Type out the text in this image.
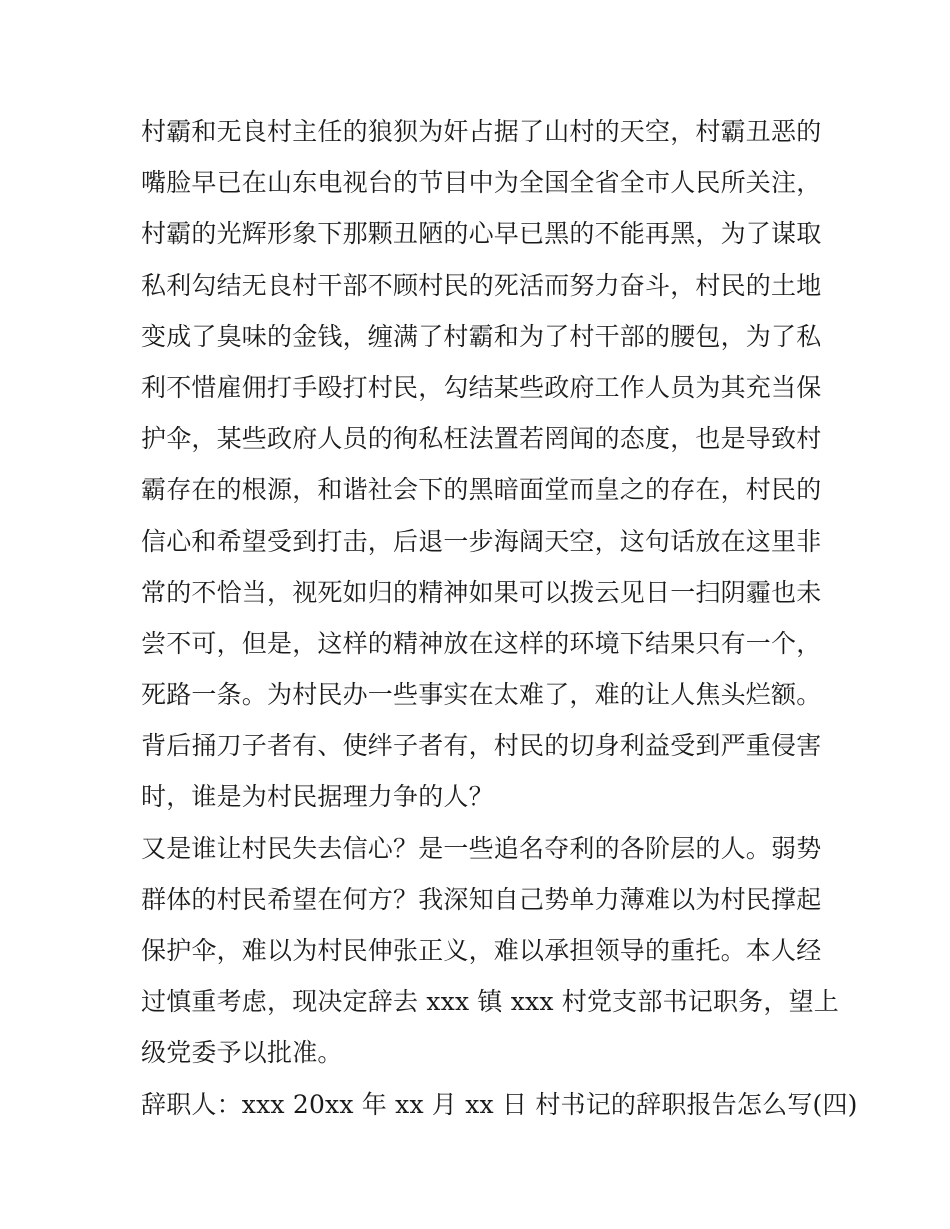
村霸和无良村主任的狼狈为奸占据了山村的天空，村霸丑恶的
嘴脸早已在山东电视台的节目中为全国全省全市人民所关注，
村霸的光辉形象下那颗丑陋的心早已黑的不能再黑，为了谋取
私利勾结无良村干部不顾村民的死活而努力奋斗，村民的土地
变成了臭味的金钱，缠满了村霸和为了村干部的腰包，为了私
利不惜雇佣打手殴打村民，勾结某些政府工作人员为其充当保
护伞，某些政府人员的徇私枉法置若罔闻的态度，也是导致村
霸存在的根源，和谐社会下的黑暗面堂而皇之的存在，村民的
信心和希望受到打击，后退一步海阔天空，这句话放在这里非
常的不恰当，视死如归的精神如果可以拨云见日一扫阴霾也未
尝不可，但是，这样的精神放在这样的环境下结果只有一个，
死路一条。为村民办一些事实在太难了，难的让人焦头烂额。
背后捅刀子者有、使绊子者有，村民的切身利益受到严重侵害
时，谁是为村民据理力争的人？
又是谁让村民失去信心？是一些追名夺利的各阶层的人。弱势
群体的村民希望在何方？我深知自己势单力薄难以为村民撑起
保护伞，难以为村民伸张正义，难以承担领导的重托。本人经
过慎重考虑，现决定辞去 xxx 镇 xxx 村党支部书记职务，望上
级党委予以批准。
辞职人：xxx 20xx 年 xx 月 xx 日 村书记的辞职报告怎么写(四)
